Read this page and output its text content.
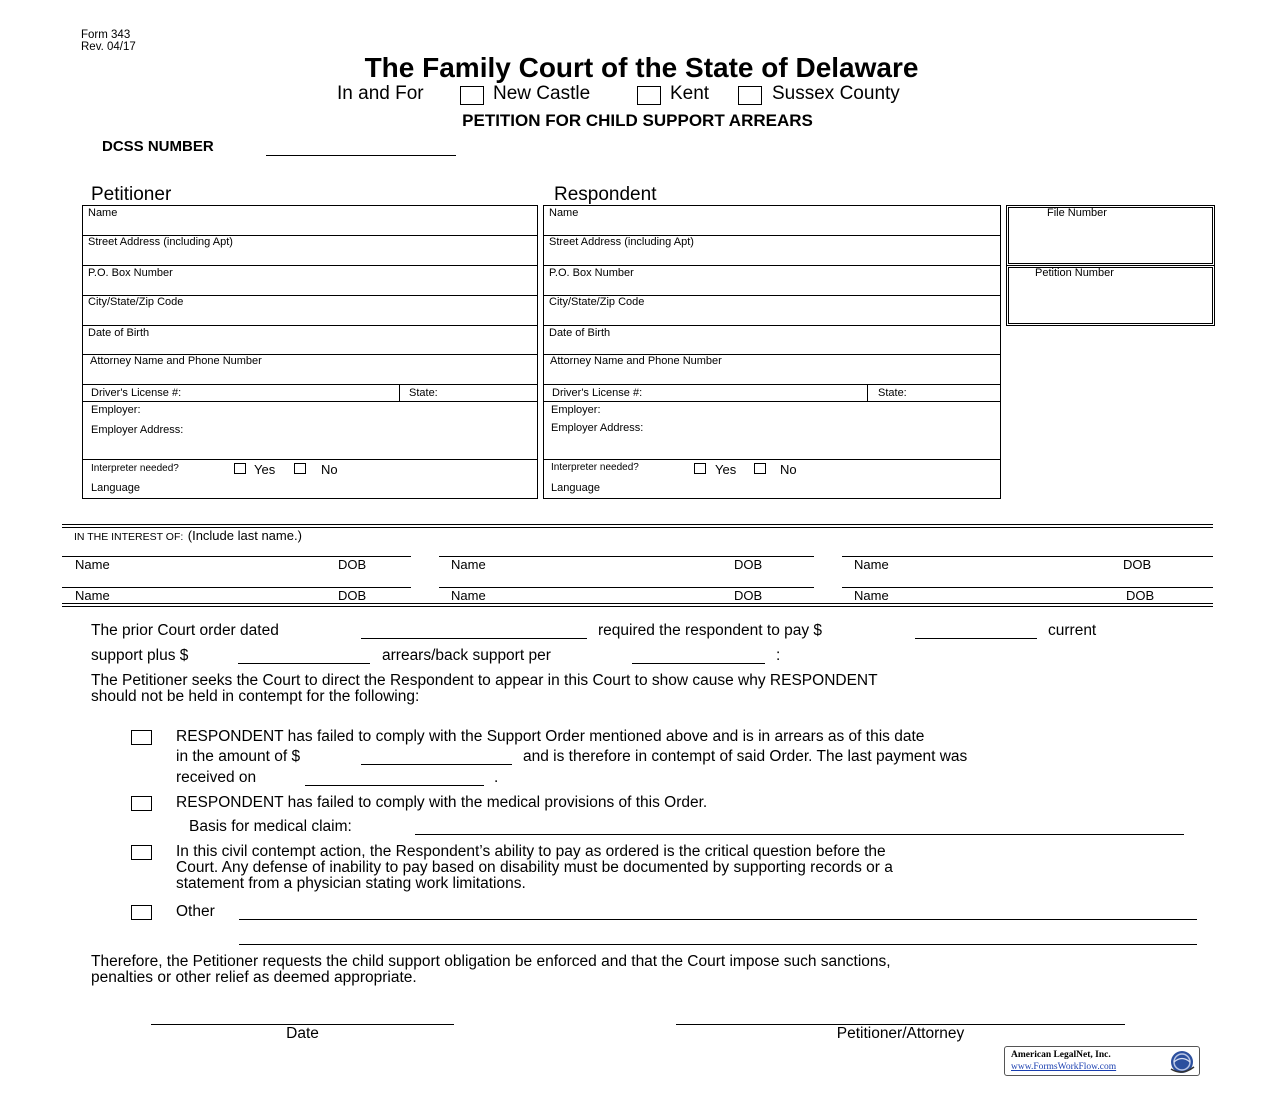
Form 343
Rev. 04/17
The Family Court of the State of Delaware
In and For	New Castle	Kent	Sussex County
PETITION FOR CHILD SUPPORT ARREARS
DCSS NUMBER
Petitioner	Respondent
Name
Street Address (including Apt)
P.O. Box Number
City/State/Zip Code
Date of Birth
Attorney Name and Phone Number
Driver's License #:	State:
Employer:
Employer Address:
Interpreter needed?	Yes	No
Language
Name
Street Address (including Apt)
P.O. Box Number
City/State/Zip Code
Date of Birth
Attorney Name and Phone Number
Driver's License #:	State:
Employer:
Employer Address:
Interpreter needed?	Yes	No
Language
File Number
Petition Number
IN THE INTEREST OF: (Include last name.)
Name	DOB	Name	DOB	Name	DOB
Name	DOB	Name	DOB	Name	DOB
The prior Court order dated	required the respondent to pay $	current
support plus $	arrears/back support per	:
The Petitioner seeks the Court to direct the Respondent to appear in this Court to show cause why RESPONDENT
should not be held in contempt for the following:
RESPONDENT has failed to comply with the Support Order mentioned above and is in arrears as of this date
in the amount of $	and is therefore in contempt of said Order. The last payment was
received on	.
RESPONDENT has failed to comply with the medical provisions of this Order.
Basis for medical claim:
In this civil contempt action, the Respondent’s ability to pay as ordered is the critical question before the
Court. Any defense of inability to pay based on disability must be documented by supporting records or a
statement from a physician stating work limitations.
Other
Therefore, the Petitioner requests the child support obligation be enforced and that the Court impose such sanctions,
penalties or other relief as deemed appropriate.
Date	Petitioner/Attorney
American LegalNet, Inc.
www.FormsWorkFlow.com
